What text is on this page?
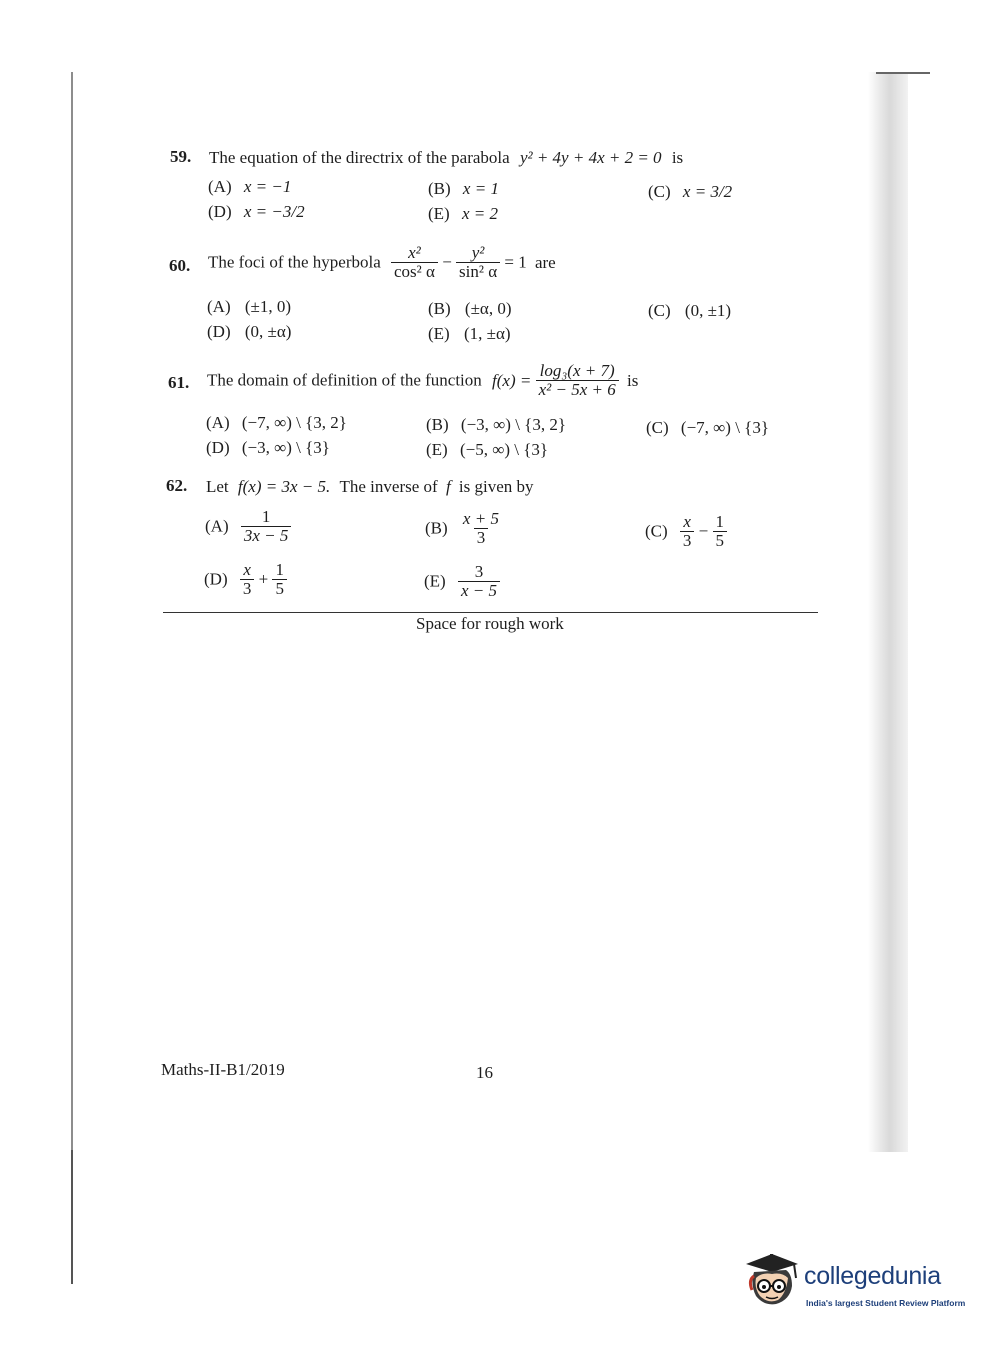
59. The equation of the directrix of the parabola y² + 4y + 4x + 2 = 0 is
(A) x = −1	(B) x = 1	(C) x = 3/2
(D) x = −3/2	(E) x = 2
60. The foci of the hyperbola $\frac{\text{x²}}{\text{cos² α}} - \frac{\text{y²}}{\text{sin² α}} = 1$ are
(A) (±1, 0)	(B) (±α, 0)	(C) (0, ±1)
(D) (0, ±α)	(E) (1, ±α)
61. The domain of definition of the function $f(x) = \frac{\text{log₃(x + 7)}}{\text{x² − 5x + 6}}$ is
(A) (−7, ∞) \ {3, 2}	(B) (−3, ∞) \ {3, 2}	(C) (−7, ∞) \ {3}
(D) (−3, ∞) \ {3}	(E) (−5, ∞) \ {3}
62. Let f(x) = 3x − 5. The inverse of f is given by
$(A) \frac{1}{3x - 5}$	$(B) \frac{x + 5}{3}$	$(C) \frac{x}{3} - \frac{1}{5}$
$(D) \frac{x}{3} + \frac{1}{5}$	$(E) \frac{3}{x - 5}$
Space for rough work
Maths-II-B1/2019	16
collegedunia
India's largest Student Review Platform
